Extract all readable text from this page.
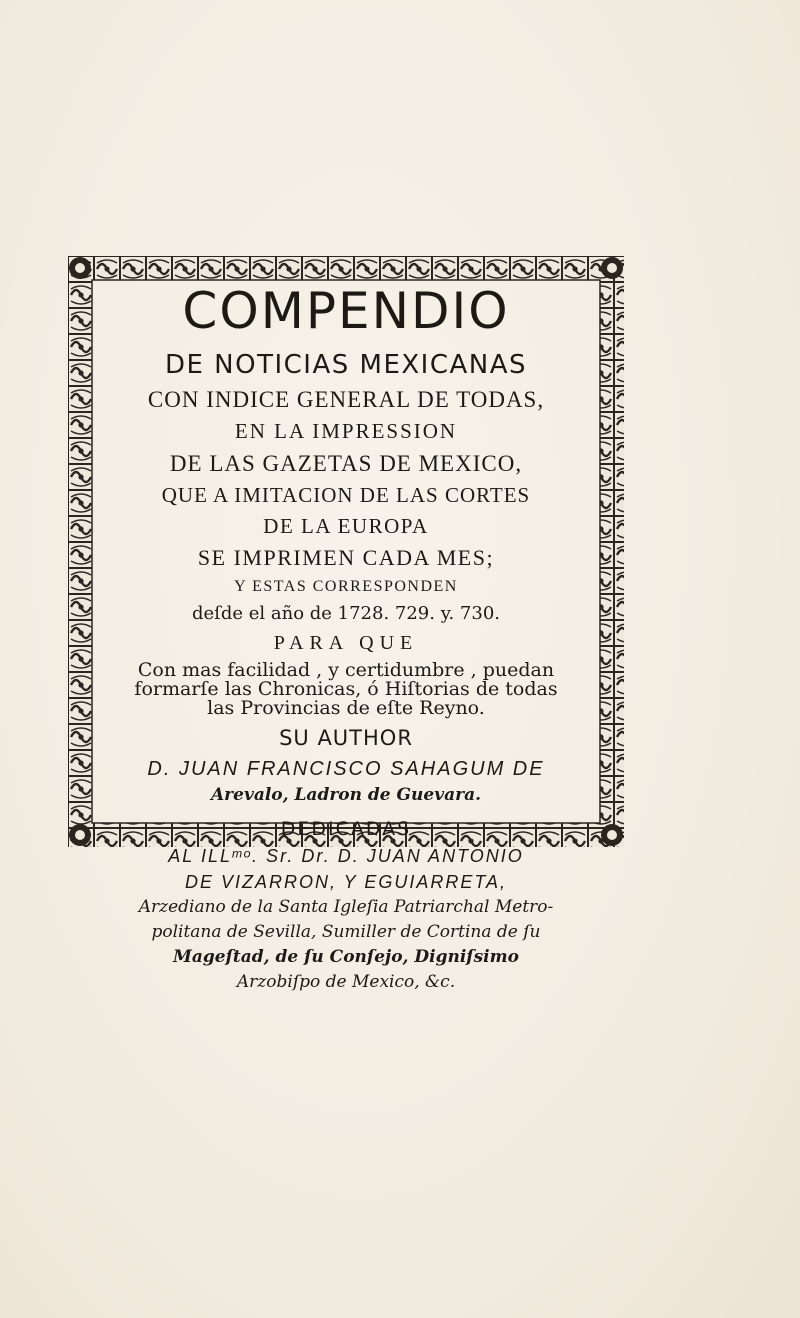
COMPENDIO

DE NOTICIAS MEXICANAS

CON INDICE GENERAL DE TODAS,

EN LA IMPRESSION

DE LAS GAZETAS DE MEXICO,

QUE A IMITACION DE LAS CORTES

DE LA EUROPA

SE IMPRIMEN CADA MES;

Y ESTAS CORRESPONDEN

deſde el año de 1728. 729. y. 730.

PARA QUE

Con mas facilidad , y certidumbre , puedan

formarſe las Chronicas, ó Hiſtorias de todas

las Provincias de eſte Reyno.

SU AUTHOR

D. JUAN FRANCISCO SAHAGUM DE

Arevalo, Ladron de Guevara.

DEDICADAS

AL ILLᵐᵒ. Sr. Dr. D. JUAN ANTONIO

DE VIZARRON, Y EGUIARRETA,

Arzediano de la Santa Igleſia Patriarchal Metro-

politana de Sevilla, Sumiller de Cortina de ſu

Mageſtad, de ſu Conſejo, Digniſsimo

Arzobiſpo de Mexico, &c.
